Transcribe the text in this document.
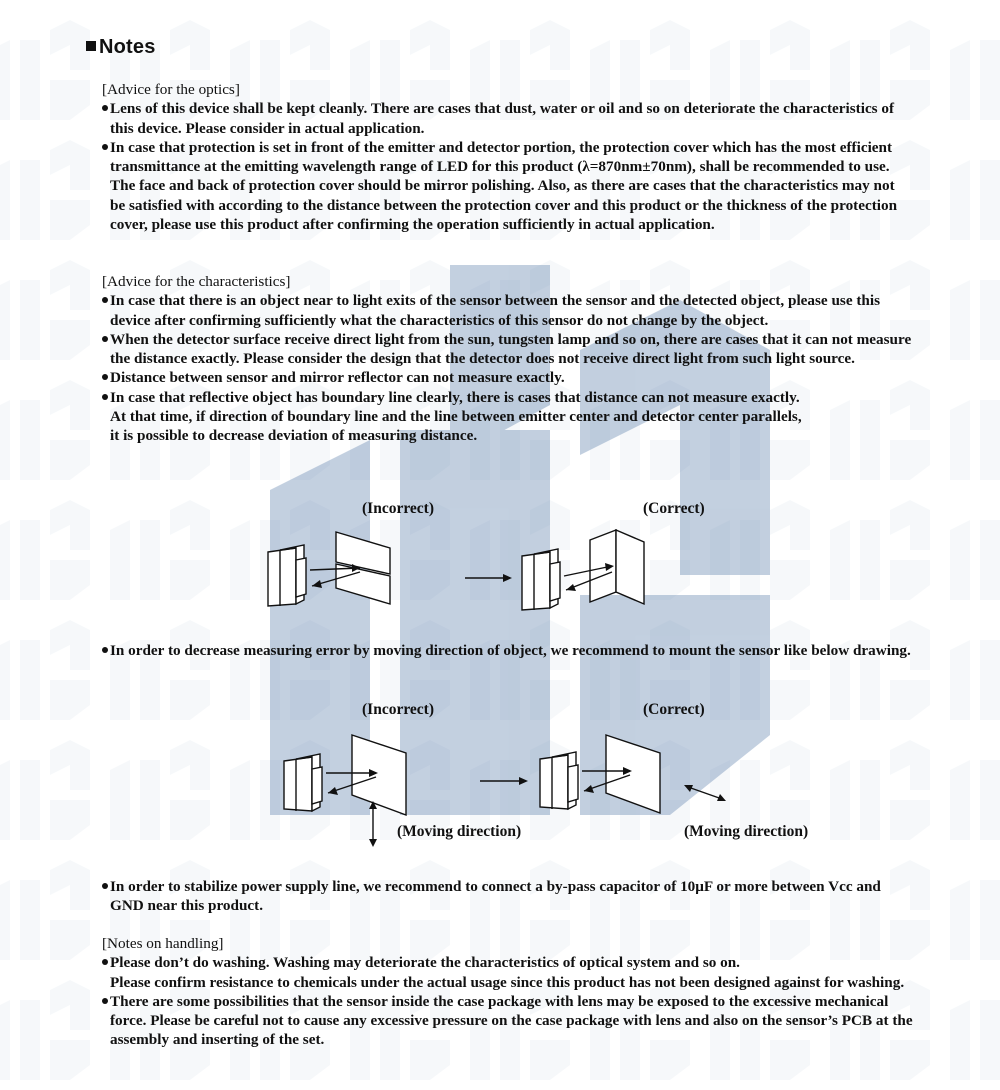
Notes
[Advice for the optics]
Lens of this device shall be kept cleanly. There are cases that dust, water or oil and so on deteriorate the characteristics of this device. Please consider in actual application.
In case that protection is set in front of the emitter and detector portion, the protection cover which has the most efficient transmittance at the emitting wavelength range of LED for this product (λ=870nm±70nm), shall be recommended to use. The face and back of protection cover should be mirror polishing. Also, as there are cases that the characteristics may not be satisfied with according to the distance between the protection cover and this product or the thickness of the protection cover, please use this product after confirming the operation sufficiently in actual application.
[Advice for the characteristics]
In case that there is an object near to light exits of the sensor between the sensor and the detected object, please use this device after confirming sufficiently what the characteristics of this sensor do not change by the object.
When the detector surface receive direct light from the sun, tungsten lamp and so on, there are cases that it can not measure the distance exactly. Please consider the design that the detector does not receive direct light from such light source.
Distance between sensor and mirror reflector can not measure exactly.
In case that reflective object has boundary line clearly, there is cases that distance can not measure exactly.
At that time, if direction of boundary line and the line between emitter center and detector center parallels,
it is possible to decrease deviation of measuring distance.
(Incorrect)	(Correct)
In order to decrease measuring error by moving direction of object, we recommend to mount the sensor like below drawing.
(Incorrect)	(Correct)
(Moving direction)	(Moving direction)
In order to stabilize power supply line, we recommend to connect a by-pass capacitor of 10μF or more between Vcc and GND near this product.
[Notes on handling]
Please don’t do washing. Washing may deteriorate the characteristics of optical system and so on.
Please confirm resistance to chemicals under the actual usage since this product has not been designed against for washing.
There are some possibilities that the sensor inside the case package with lens may be exposed to the excessive mechanical force. Please be careful not to cause any excessive pressure on the case package with lens and also on the sensor’s PCB at the assembly and inserting of the set.
